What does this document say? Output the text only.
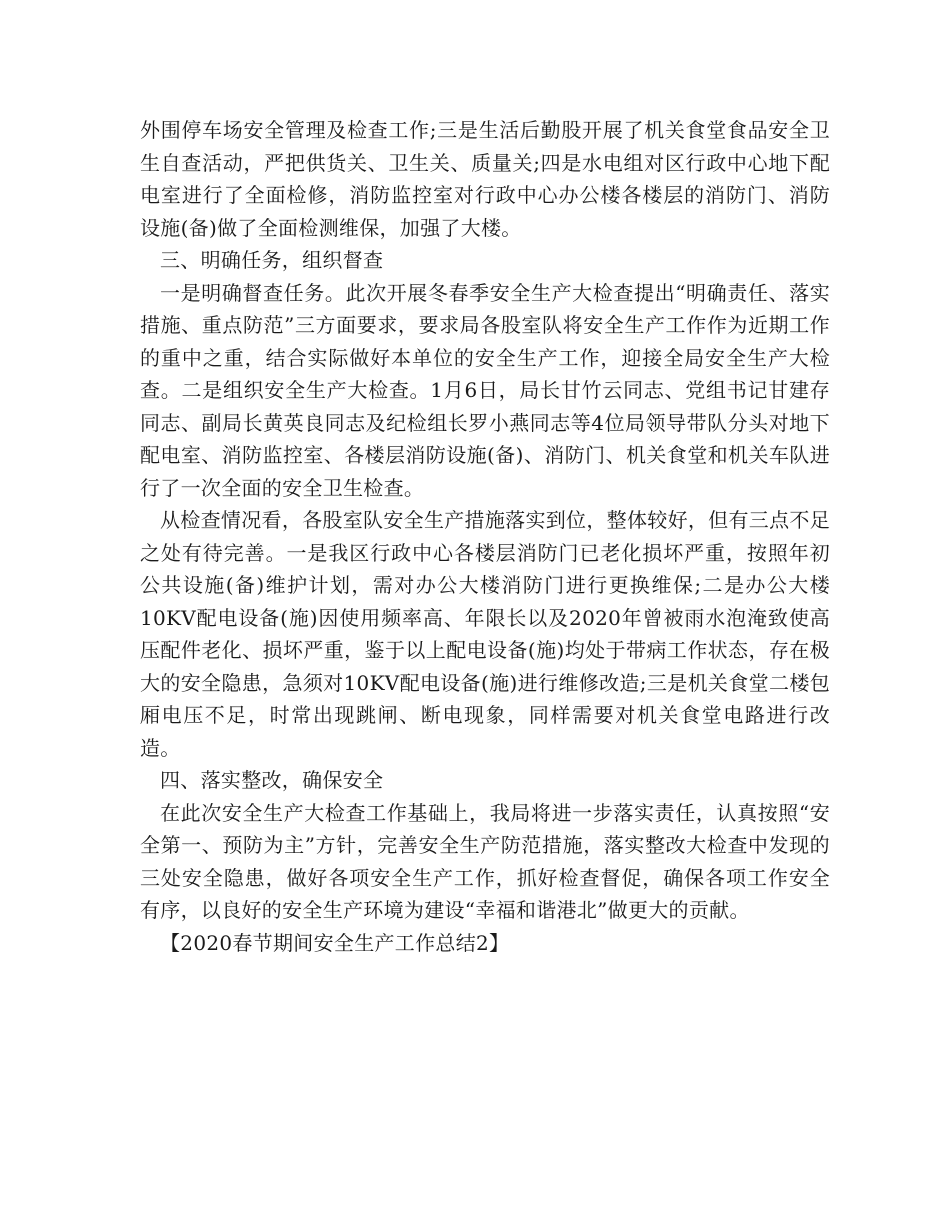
外围停车场安全管理及检查工作;三是生活后勤股开展了机关食堂食品安全卫生自查活动，严把供货关、卫生关、质量关;四是水电组对区行政中心地下配电室进行了全面检修，消防监控室对行政中心办公楼各楼层的消防门、消防设施(备)做了全面检测维保，加强了大楼。

三、明确任务，组织督查

一是明确督查任务。此次开展冬春季安全生产大检查提出“明确责任、落实措施、重点防范”三方面要求，要求局各股室队将安全生产工作作为近期工作的重中之重，结合实际做好本单位的安全生产工作，迎接全局安全生产大检查。二是组织安全生产大检查。1月6日，局长甘竹云同志、党组书记甘建存同志、副局长黄英良同志及纪检组长罗小燕同志等4位局领导带队分头对地下配电室、消防监控室、各楼层消防设施(备)、消防门、机关食堂和机关车队进行了一次全面的安全卫生检查。

从检查情况看，各股室队安全生产措施落实到位，整体较好，但有三点不足之处有待完善。一是我区行政中心各楼层消防门已老化损坏严重，按照年初公共设施(备)维护计划，需对办公大楼消防门进行更换维保;二是办公大楼10KV配电设备(施)因使用频率高、年限长以及2020年曾被雨水泡淹致使高压配件老化、损坏严重，鉴于以上配电设备(施)均处于带病工作状态，存在极大的安全隐患，急须对10KV配电设备(施)进行维修改造;三是机关食堂二楼包厢电压不足，时常出现跳闸、断电现象，同样需要对机关食堂电路进行改造。

四、落实整改，确保安全

在此次安全生产大检查工作基础上，我局将进一步落实责任，认真按照“安全第一、预防为主”方针，完善安全生产防范措施，落实整改大检查中发现的三处安全隐患，做好各项安全生产工作，抓好检查督促，确保各项工作安全有序，以良好的安全生产环境为建设“幸福和谐港北”做更大的贡献。

【2020春节期间安全生产工作总结2】
